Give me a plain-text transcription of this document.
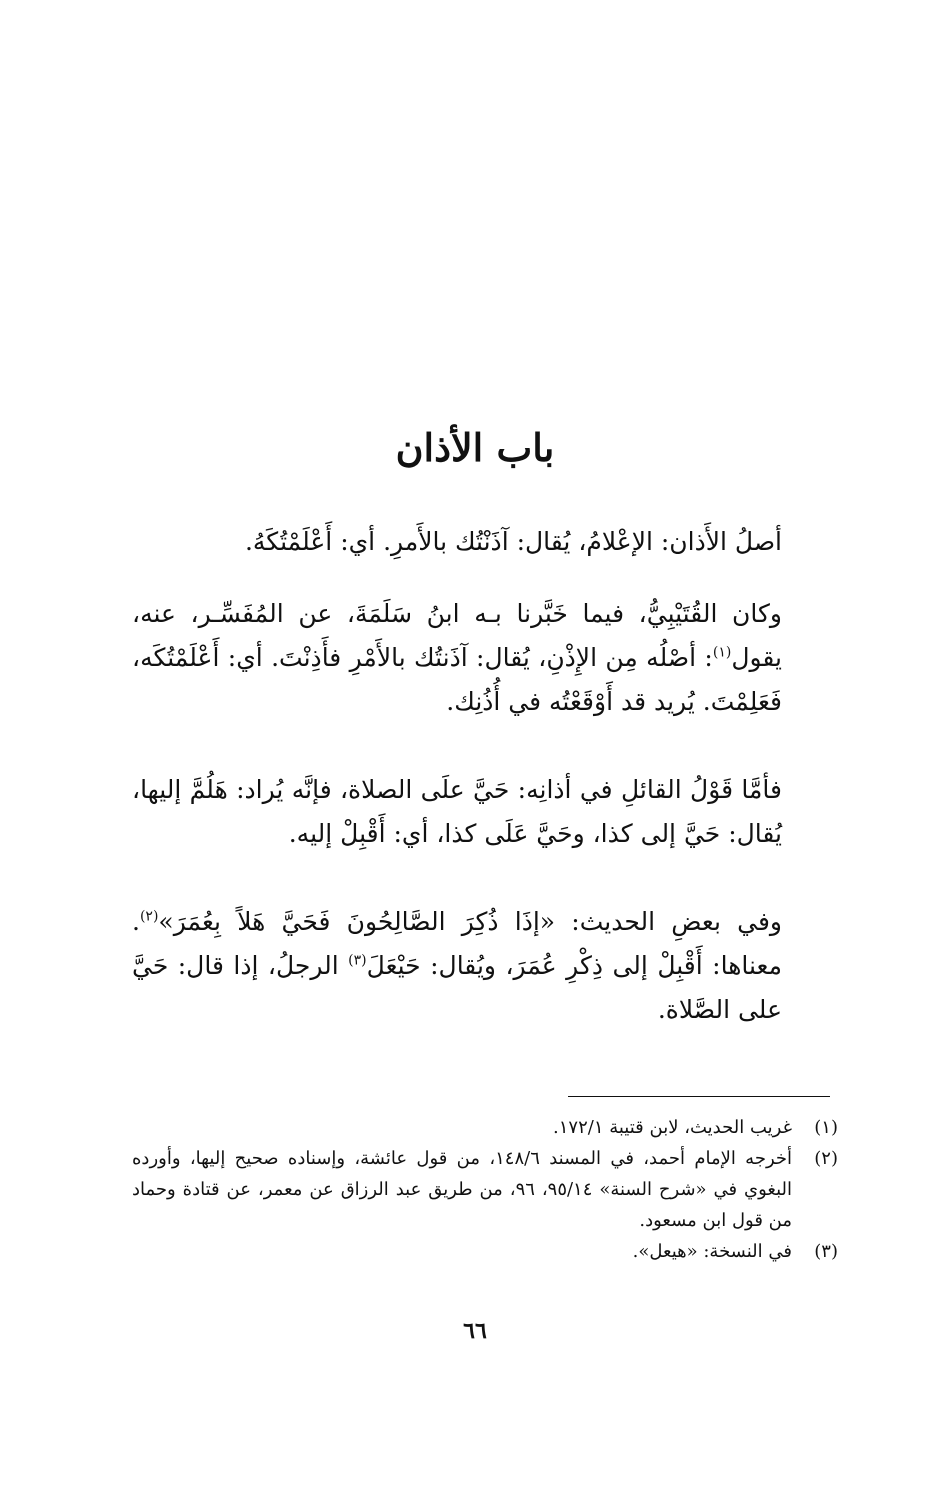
باب الأذان

أصلُ الأَذان: الإعْلامُ، يُقال: آذَنْتُك بالأَمرِ. أي: أَعْلَمْتُكَهُ.

وكان القُتَيْبِيُّ، فيما خَبَّرنا بـه ابنُ سَلَمَةَ، عن المُفَسِّـر، عنه، يقول$^{(١)}$: أصْلُه مِن الإِذْنِ، يُقال: آذَنتُك بالأَمْرِ فأَذِنْتَ. أي: أَعْلَمْتُكَه، فَعَلِمْتَ. يُريد قد أَوْقَعْتُه في أُذُنِك.

فأمَّا قَوْلُ القائلِ في أذانِه: حَيَّ علَى الصلاة، فإنَّه يُراد: هَلُمَّ إليها، يُقال: حَيَّ إلى كذا، وحَيَّ عَلَى كذا، أي: أَقْبِلْ إليه.

وفي بعضِ الحديث: «إذَا ذُكِرَ الصَّالِحُونَ فَحَيَّ هَلاً بِعُمَرَ»$^{(٢)}$. معناها: أَقْبِلْ إلى ذِكْرِ عُمَرَ، ويُقال: حَيْعَلَ$^{(٣)}$ الرجلُ، إذا قال: حَيَّ على الصَّلاة.

(١)
غريب الحديث، لابن قتيبة ١٧٢/١.
(٢)
أخرجه الإمام أحمد، في المسند ١٤٨/٦، من قول عائشة، وإسناده صحيح إليها، وأورده البغوي في «شرح السنة» ٩٥/١٤، ٩٦، من طريق عبد الرزاق عن معمر، عن قتادة وحماد من قول ابن مسعود.
(٣)
في النسخة: «هيعل».
٦٦
